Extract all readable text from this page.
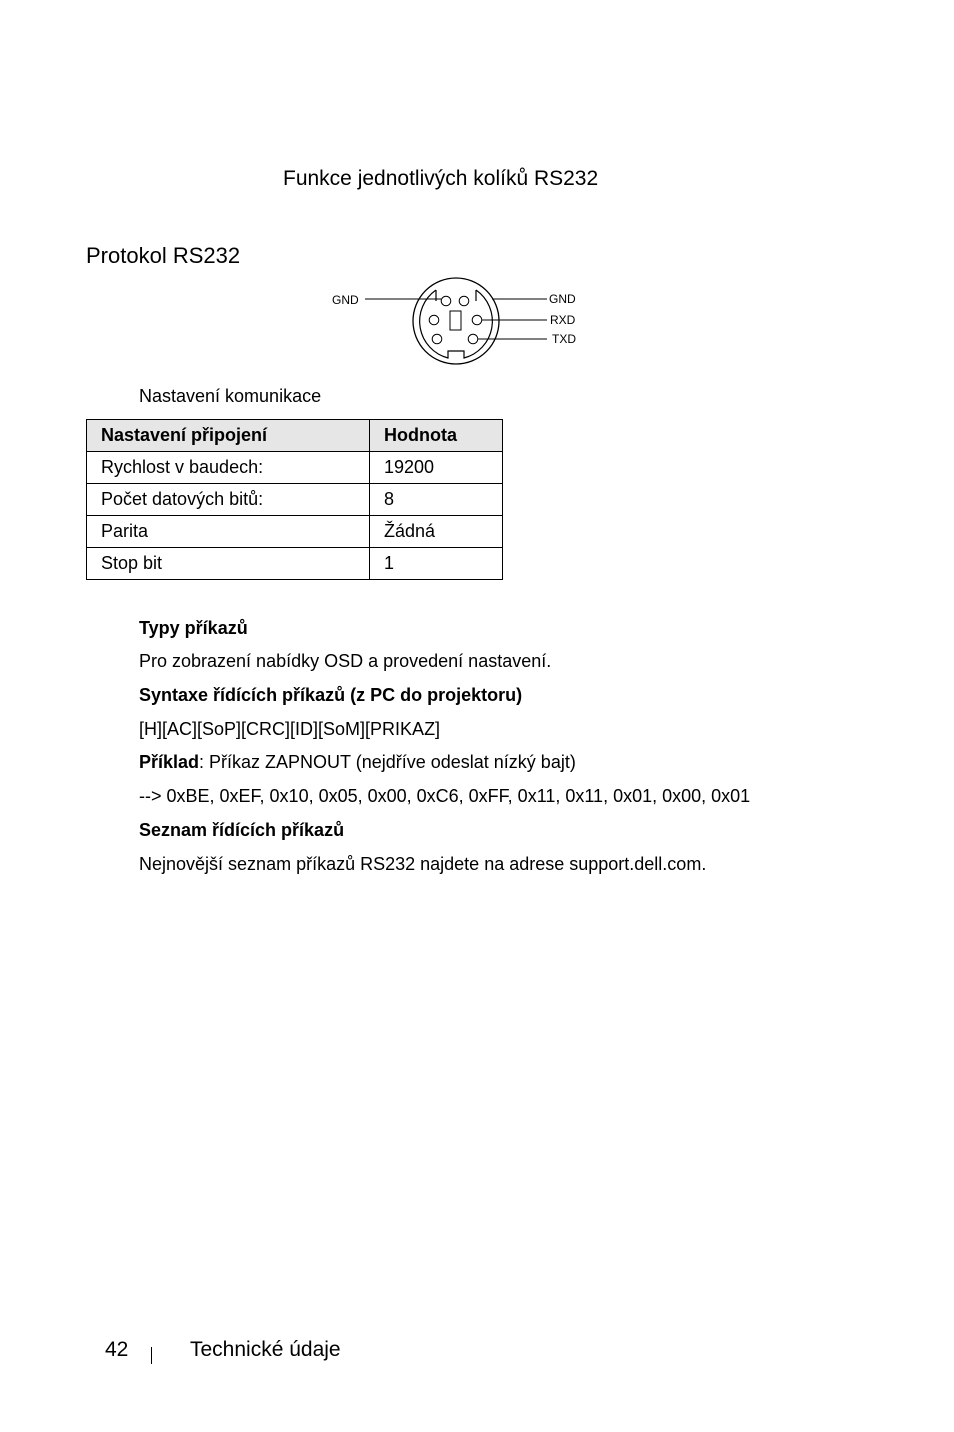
Funkce jednotlivých kolíků RS232
Protokol RS232
GND	GND
RXD
TXD
Nastavení komunikace
Nastavení připojení	Hodnota
Rychlost v baudech:	19200
Počet datových bitů:	8
Parita	Žádná
Stop bit	1
Typy příkazů
Pro zobrazení nabídky OSD a provedení nastavení.
Syntaxe řídících příkazů (z PC do projektoru)
[H][AC][SoP][CRC][ID][SoM][PRIKAZ]
Příklad: Příkaz ZAPNOUT (nejdříve odeslat nízký bajt)
--> 0xBE, 0xEF, 0x10, 0x05, 0x00, 0xC6, 0xFF, 0x11, 0x11, 0x01, 0x00, 0x01
Seznam řídících příkazů
Nejnovější seznam příkazů RS232 najdete na adrese support.dell.com.
42	Technické údaje
